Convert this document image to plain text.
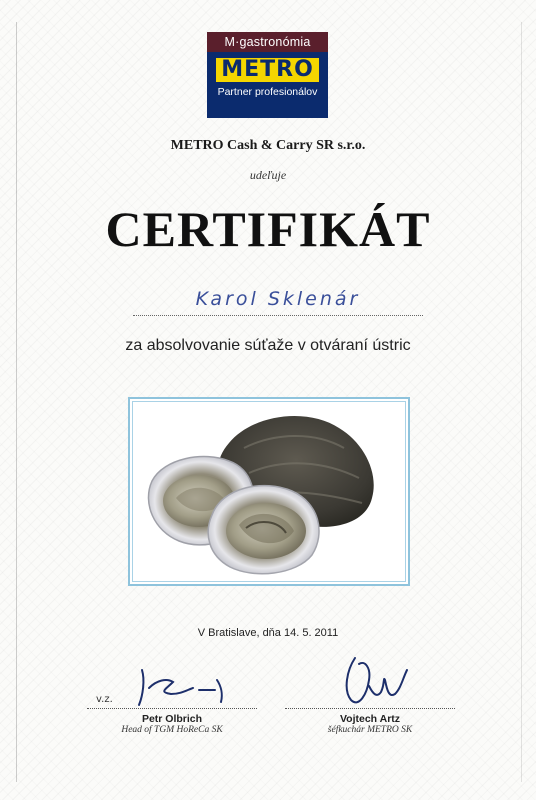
M·gastronómia
METRO
Partner profesionálov
METRO Cash & Carry SR s.r.o.
udeľuje
CERTIFIKÁT
Karol Sklenár
za absolvovanie súťaže v otváraní ústric
V Bratislave, dňa 14. 5. 2011
v.z.
Petr Olbrich
Head of TGM HoReCa SK
Vojtech Artz
šéfkuchár METRO SK
